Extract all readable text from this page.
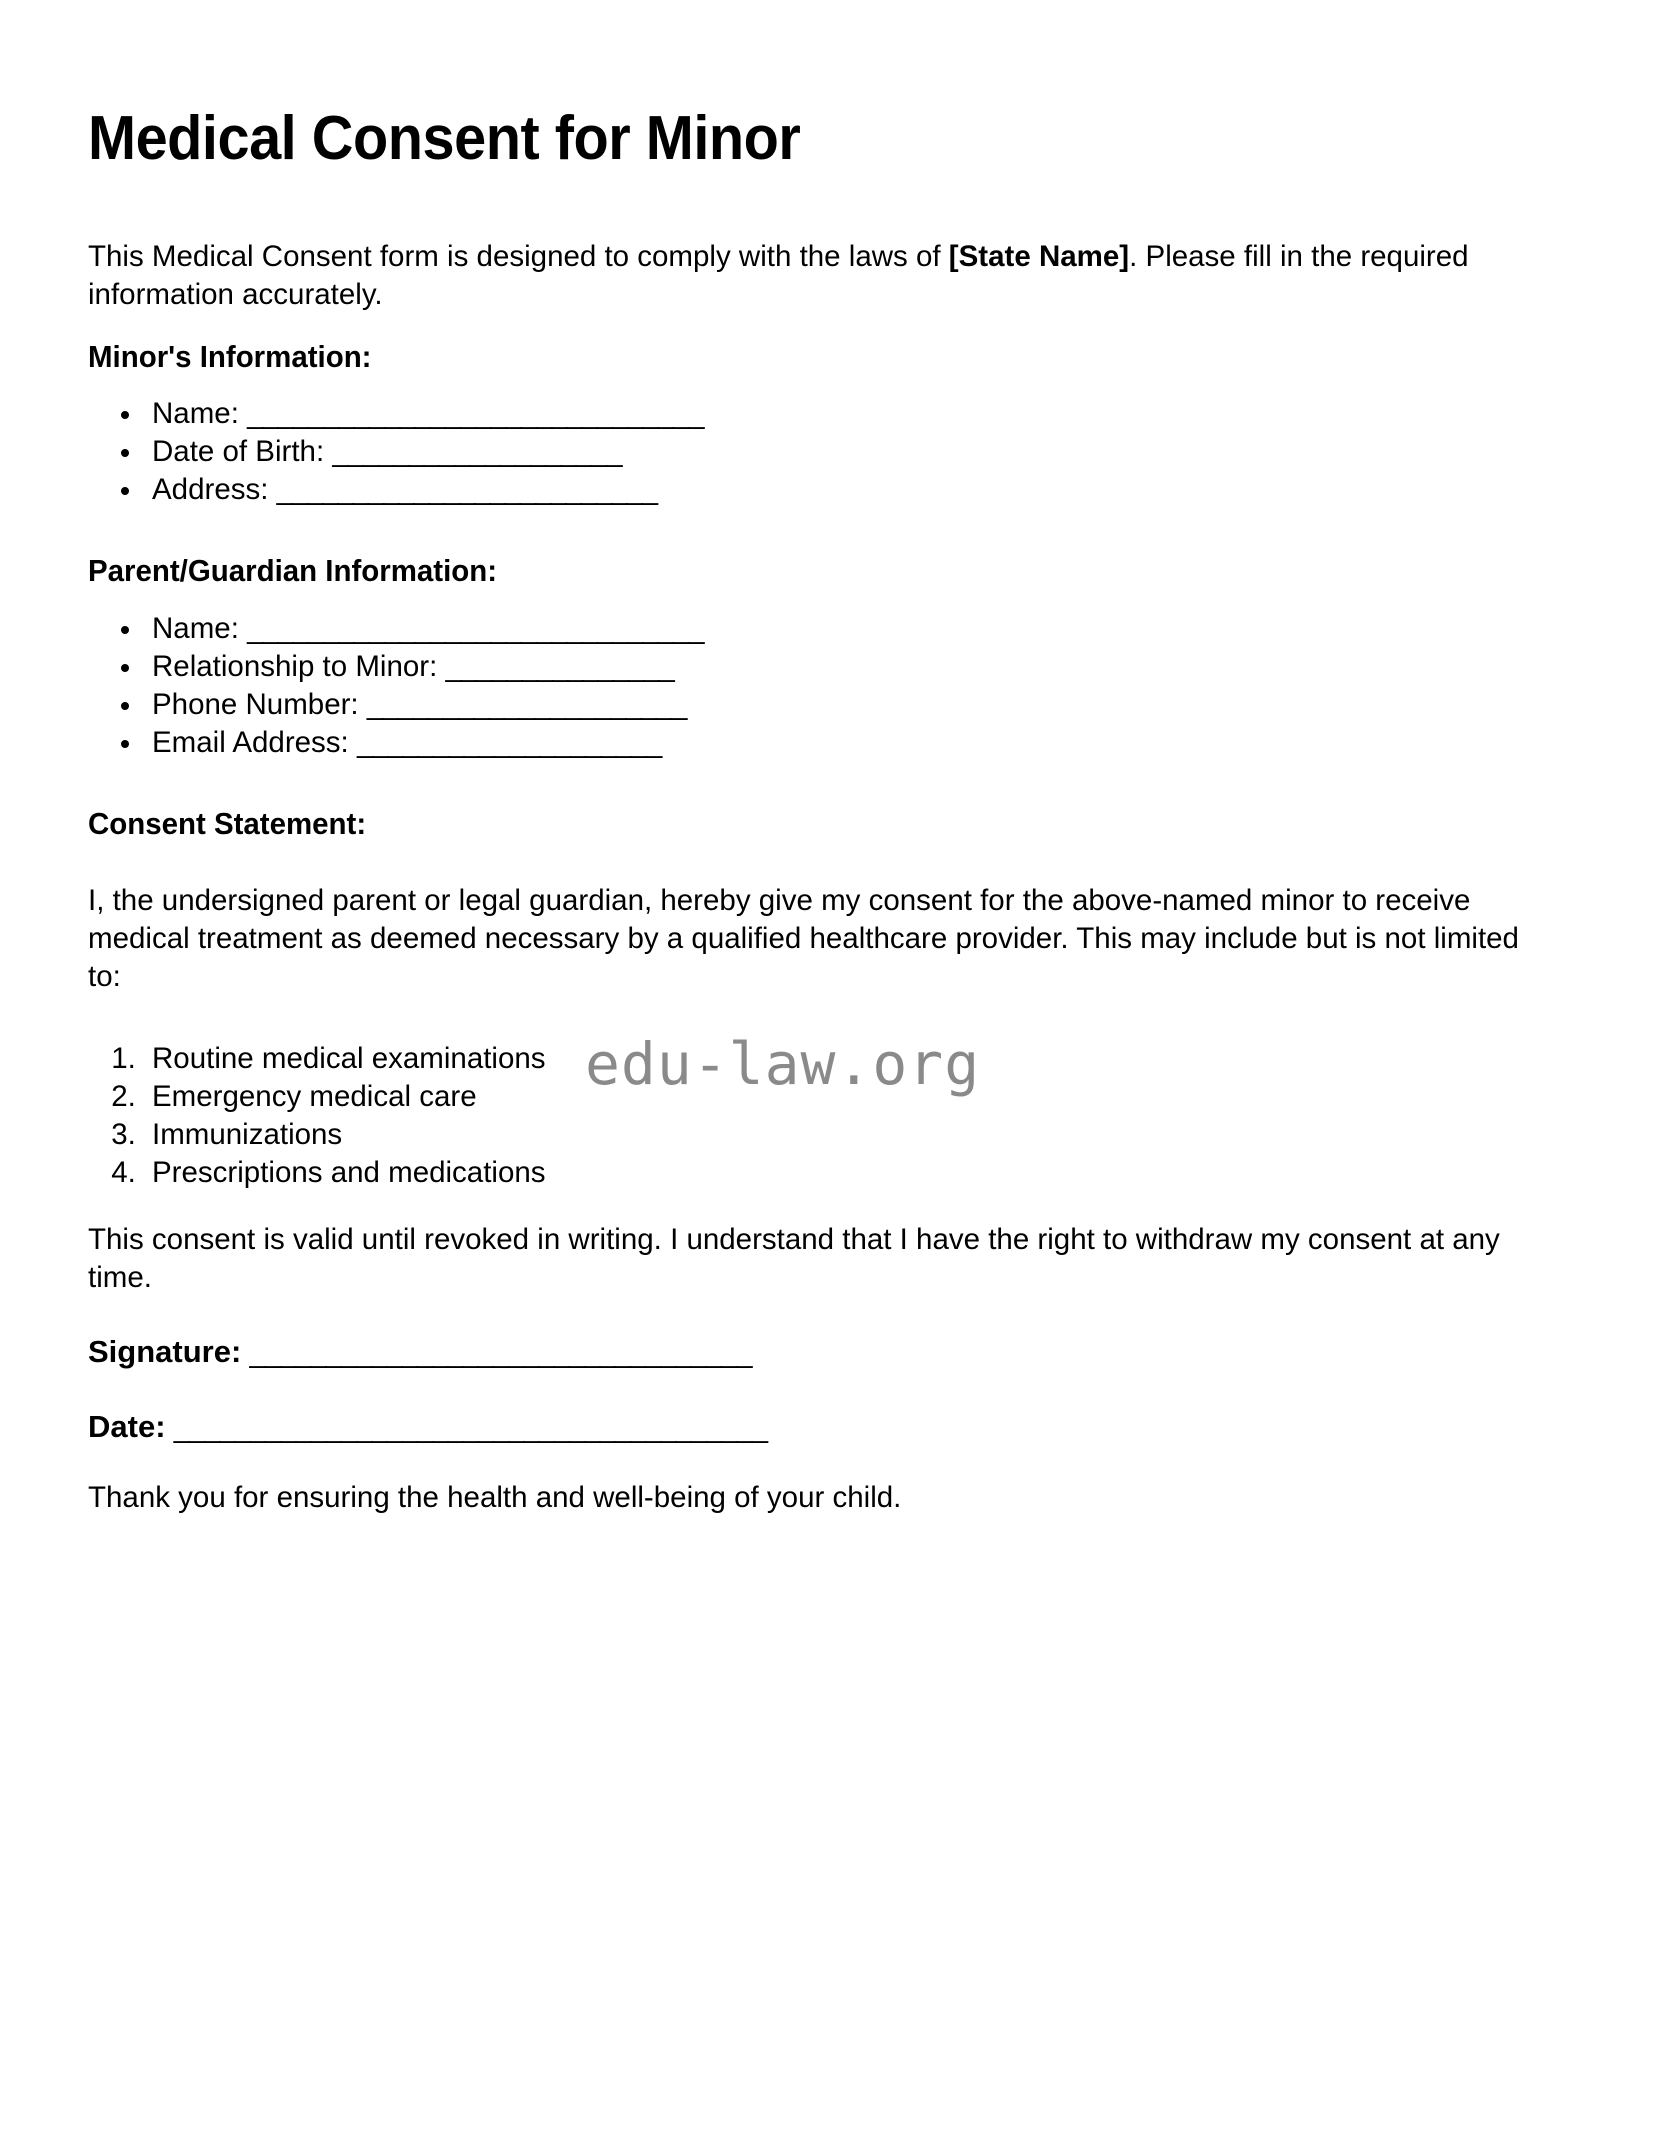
Medical Consent for Minor

This Medical Consent form is designed to comply with the laws of [State Name]. Please fill in the required information accurately.

Minor's Information:
• Name: ______________________________
• Date of Birth: ___________________
• Address: _________________________
Parent/Guardian Information:
• Name: ______________________________
• Relationship to Minor: _______________
• Phone Number: _____________________
• Email Address: ____________________
Consent Statement:

I, the undersigned parent or legal guardian, hereby give my consent for the above-named minor to receive medical treatment as deemed necessary by a qualified healthcare provider. This may include but is not limited to:

1. Routine medical examinations
2. Emergency medical care
3. Immunizations
4. Prescriptions and medications

This consent is valid until revoked in writing. I understand that I have the right to withdraw my consent at any time.

Signature: _________________________________
Date: _______________________________________

Thank you for ensuring the health and well-being of your child.

edu-law.org
